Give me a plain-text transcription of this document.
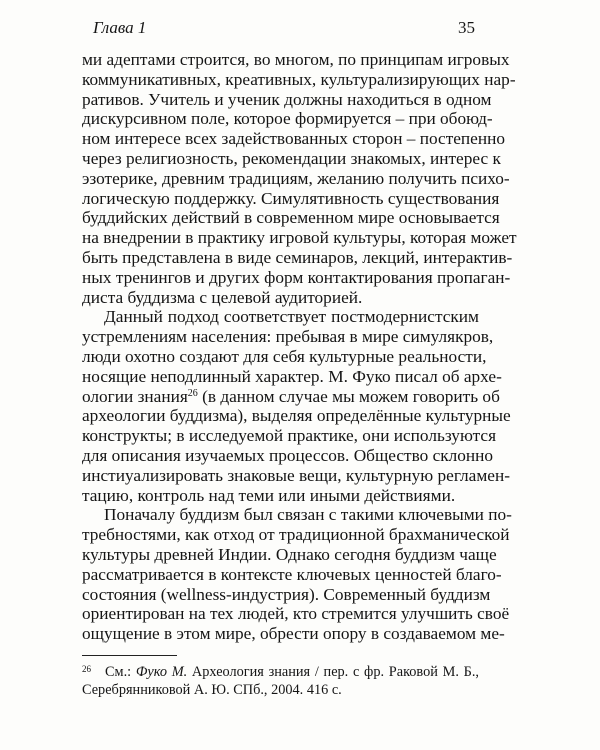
Глава 1	35
ми адептами строится, во многом, по принципам игровых
коммуникативных, креативных, культурализирующих нар-
ративов. Учитель и ученик должны находиться в одном
дискурсивном поле, которое формируется – при обоюд-
ном интересе всех задействованных сторон – постепенно
через религиозность, рекомендации знакомых, интерес к
эзотерике, древним традициям, желанию получить психо-
логическую поддержку. Симулятивность существования
буддийских действий в современном мире основывается
на внедрении в практику игровой культуры, которая может
быть представлена в виде семинаров, лекций, интерактив-
ных тренингов и других форм контактирования пропаган-
диста буддизма с целевой аудиторией.
Данный подход соответствует постмодернистским
устремлениям населения: пребывая в мире симулякров,
люди охотно создают для себя культурные реальности,
носящие неподлинный характер. М. Фуко писал об архе-
ологии знания$^{26}$ (в данном случае мы можем говорить об
археологии буддизма), выделяя определённые культурные
конструкты; в исследуемой практике, они используются
для описания изучаемых процессов. Общество склонно
инстиуализировать знаковые вещи, культурную регламен-
тацию, контроль над теми или иными действиями.
Поначалу буддизм был связан с такими ключевыми по-
требностями, как отход от традиционной брахманической
культуры древней Индии. Однако сегодня буддизм чаще
рассматривается в контексте ключевых ценностей благо-
состояния (wellness-индустрия). Современный буддизм
ориентирован на тех людей, кто стремится улучшить своё
ощущение в этом мире, обрести опору в создаваемом ме-
$^{26}$ См.: Фуко М. Археология знания / пер. с фр. Раковой М. Б.,
Серебрянниковой А. Ю. СПб., 2004. 416 с.
